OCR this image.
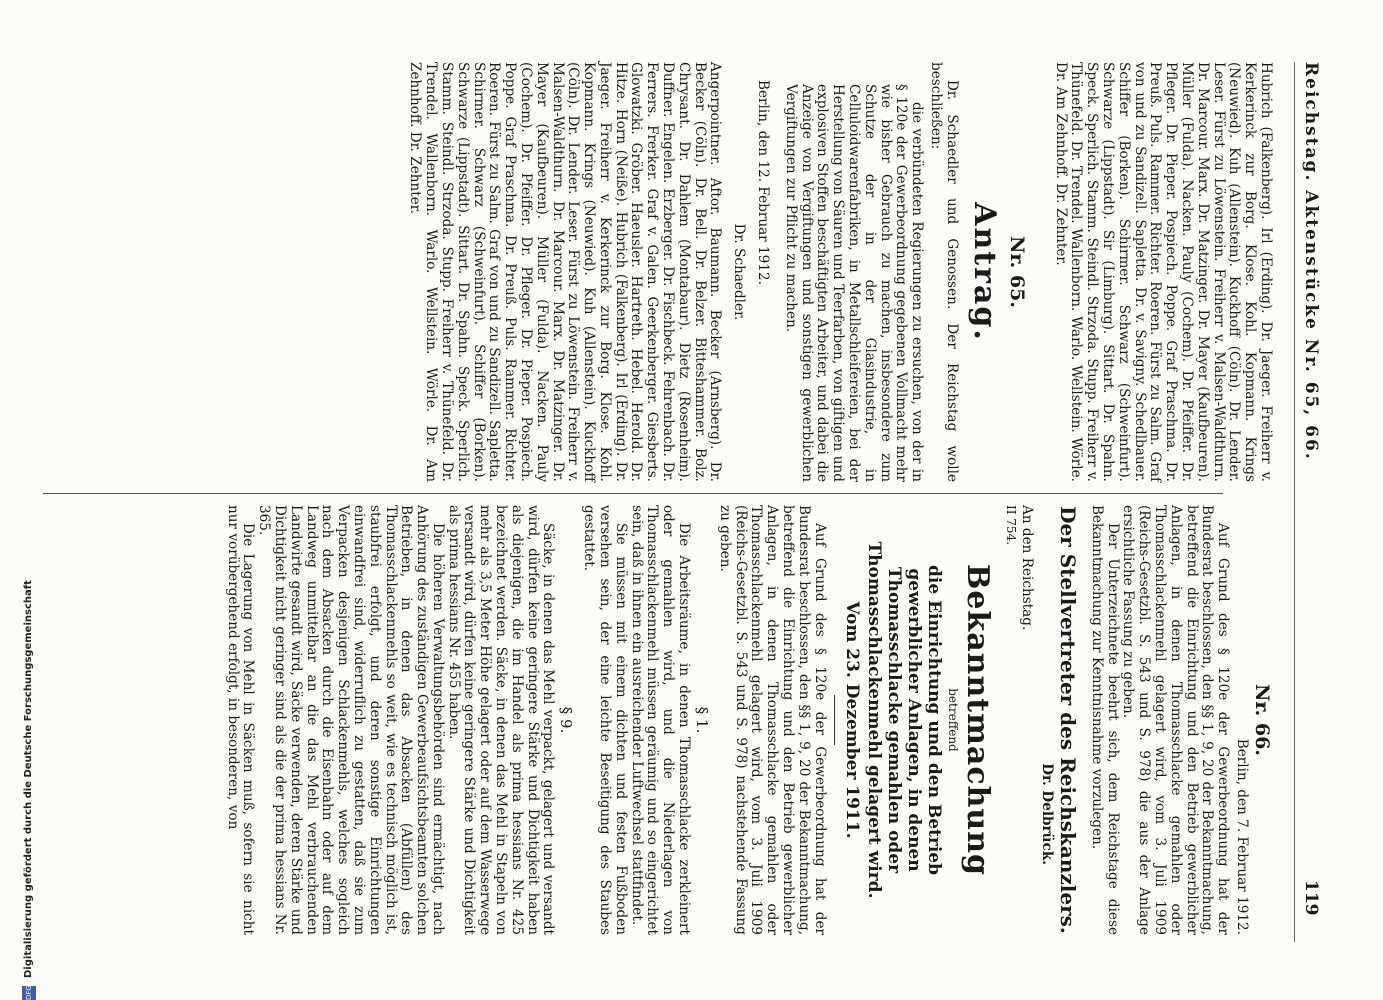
Reichstag. Aktenstücke Nr. 65, 66.
119

Hubrich (Falkenberg). Irl (Erding). Dr. Jaeger. Freiherr v. Kerkerinck zur Borg. Klose. Kohl. Kopmann. Krings (Neuwied). Kuh (Allenstein). Kuckhoff (Cöln). Dr. Lender. Leser. Fürst zu Löwenstein. Freiherr v. Malsen-Waldthurn. Dr. Marcour. Marx. Dr. Matzinger. Dr. Mayer (Kaufbeuren). Müller (Fulda). Nacken. Pauly (Cochem). Dr. Pfeiffer. Dr. Pfleger. Dr. Pieper. Pospiech. Poppe. Graf Praschma. Dr. Preuß. Puls. Rammer. Richter. Roeren. Fürst zu Salm. Graf von und zu Sandizell. Sapletta. Dr. v. Savigny. Schedlbauer. Schiffer (Borken). Schirmer. Schwarz (Schweinfurt). Schwarze (Lippstadt). Sir (Limburg). Sittart. Dr. Spahn. Speck. Sperlich. Stamm. Steindl. Strzoda. Stupp. Freiherr v. Thünefeld. Dr. Trendel. Wallenborn. Warlo. Wellstein. Wörle. Dr. Am Zehnhoff. Dr. Zehnter.

Nr. 65.

Antrag.

Dr. Schaedler und Genossen. Der Reichstag wolle beschließen:

die verbündeten Regierungen zu ersuchen, von der in § 120e der Gewerbeordnung gegebenen Vollmacht mehr wie bisher Gebrauch zu machen, insbesondere zum Schutze der in der Glasindustrie, in Celluloidwarenfabriken, in Metallschleifereien, bei der Herstellung von Säuren und Teerfarben, von giftigen und explosiven Stoffen beschäftigten Arbeiter, und dabei die Anzeige von Vergiftungen und sonstigen gewerblichen Vergiftungen zur Pflicht zu machen.

Berlin, den 12. Februar 1912.

Dr. Schaedler.

Angerpointner. Aftor. Baumann. Becker (Arnsberg). Dr. Becker (Cöln). Dr. Bell. Dr. Belzer. Bitteshammer. Bolz. Chrysant. Dr. Dahlem (Montabaur). Dietz (Rosenheim). Duffner. Engelen. Erzberger. Dr. Fischbeck. Fehrenbach. Dr. Ferrers. Frerker. Graf v. Galen. Geerkenberger. Giesberts. Glowatzki. Gröber. Haeusler. Hartreth. Hebel. Herold. Dr. Hitze. Horn (Neiße). Hubrich (Falkenberg). Irl (Erding). Dr. Jaeger. Freiherr v. Kerkerinck zur Borg. Klose. Kohl. Kopmann. Krings (Neuwied). Kuh (Allenstein). Kuckhoff (Cöln). Dr. Lender. Leser. Fürst zu Löwenstein. Freiherr v. Malsen-Waldthurn. Dr. Marcour. Marx. Dr. Matzinger. Dr. Mayer (Kaufbeuren). Müller (Fulda). Nacken. Pauly (Cochem). Dr. Pfeiffer. Dr. Pfleger. Dr. Pieper. Pospiech. Poppe. Graf Praschma. Dr. Preuß. Puls. Rammer. Richter. Roeren. Fürst zu Salm. Graf von und zu Sandizell. Sapletta. Schirmer. Schwarz (Schweinfurt). Schiffer (Borken). Schwarze (Lippstadt). Sittart. Dr. Spahn. Speck. Sperlich. Stamm. Steindl. Strzoda. Stupp. Freiherr v. Thünefeld. Dr. Trendel. Wallenborn. Warlo. Wellstein. Wörle. Dr. Am Zehnhoff. Dr. Zehnter.

Nr. 66.

Berlin, den 7. Februar 1912.

Auf Grund des § 120e der Gewerbeordnung hat der Bundesrat beschlossen, den §§ 1, 9, 20 der Bekanntmachung, betreffend die Einrichtung und den Betrieb gewerblicher Anlagen, in denen Thomasschlacke gemahlen oder Thomasschlackenmehl gelagert wird, vom 3. Juli 1909 (Reichs-Gesetzbl. S. 543 und S. 978) die aus der Anlage ersichtliche Fassung zu geben.

Der Unterzeichnete beehrt sich, dem Reichstage diese Bekanntmachung zur Kenntnisnahme vorzulegen.

Der Stellvertreter des Reichskanzlers.

Dr. Delbrück.

An den Reichstag.

II 754.

Bekanntmachung

betreffend

die Einrichtung und den Betrieb gewerblicher Anlagen, in denen Thomasschlacke gemahlen oder Thomasschlackenmehl gelagert wird.

Vom 23. Dezember 1911.

Auf Grund des § 120e der Gewerbeordnung hat der Bundesrat beschlossen, den §§ 1, 9, 20 der Bekanntmachung, betreffend die Einrichtung und den Betrieb gewerblicher Anlagen, in denen Thomasschlacke gemahlen oder Thomasschlackenmehl gelagert wird, vom 3. Juli 1909 (Reichs-Gesetzbl. S. 543 und S. 978) nachstehende Fassung zu geben.

§ 1.

Die Arbeitsräume, in denen Thomasschlacke zerkleinert oder gemahlen wird, und die Niederlagen von Thomasschlackenmehl müssen geräumig und so eingerichtet sein, daß in ihnen ein ausreichender Luftwechsel stattfindet.

Sie müssen mit einem dichten und festen Fußboden versehen sein, der eine leichte Beseitigung des Staubes gestattet.

§ 9.

Säcke, in denen das Mehl verpackt, gelagert und versandt wird, dürfen keine geringere Stärke und Dichtigkeit haben als diejenigen, die im Handel als prima hessians Nr. 425 bezeichnet werden. Säcke, in denen das Mehl in Stapeln von mehr als 3,5 Meter Höhe gelagert oder auf dem Wasserwege versandt wird, dürfen keine geringere Stärke und Dichtigkeit als prima hessians Nr. 455 haben.

Die höheren Verwaltungsbehörden sind ermächtigt, nach Anhörung des zuständigen Gewerbeaufsichtsbeamten solchen Betrieben, in denen das Absacken (Abfüllen) des Thomasschlackenmehls so weit, wie es technisch möglich ist, staubfrei erfolgt, und deren sonstige Einrichtungen einwandfrei sind, widerruflich zu gestatten, daß sie zum Verpacken desjenigen Schlackenmehls, welches sogleich nach dem Absacken durch die Eisenbahn oder auf dem Landweg unmittelbar an die das Mehl verbrauchenden Landwirte gesandt wird, Säcke verwenden, deren Stärke und Dichtigkeit nicht geringer sind als die der prima hessians Nr. 365.

Die Lagerung von Mehl in Säcken muß, sofern sie nicht nur vorübergehend erfolgt, in besonderen, von

DFG
Digitalisierung gefördert durch die Deutsche Forschungsgemeinschaft
